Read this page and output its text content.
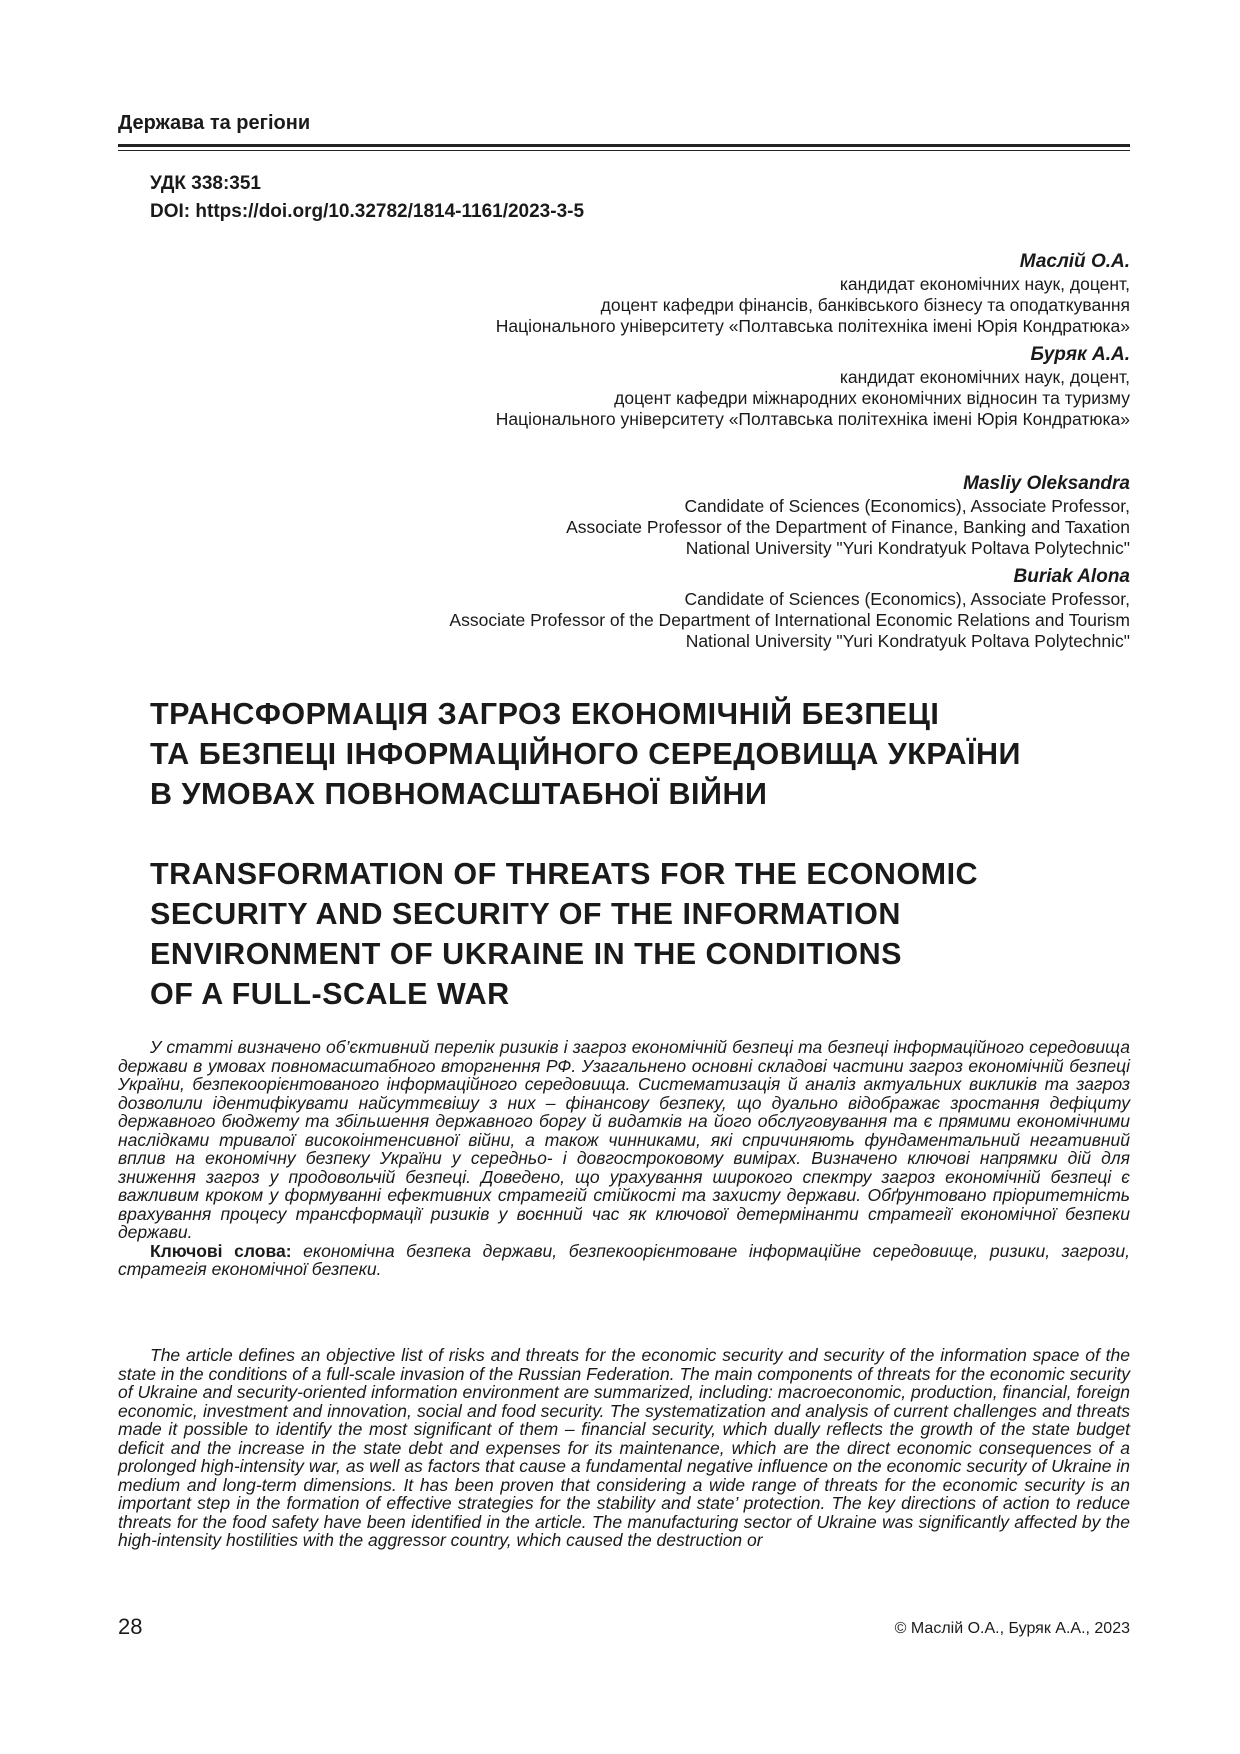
Держава та регіони
УДК 338:351
DOI: https://doi.org/10.32782/1814-1161/2023-3-5
Маслій О.А.
кандидат економічних наук, доцент,
доцент кафедри фінансів, банківського бізнесу та оподаткування
Національного університету «Полтавська політехніка імені Юрія Кондратюка»
Буряк А.А.
кандидат економічних наук, доцент,
доцент кафедри міжнародних економічних відносин та туризму
Національного університету «Полтавська політехніка імені Юрія Кондратюка»
Masliy Oleksandra
Candidate of Sciences (Economics), Associate Professor,
Associate Professor of the Department of Finance, Banking and Taxation
National University "Yuri Kondratyuk Poltava Polytechnic"
Buriak Alona
Candidate of Sciences (Economics), Associate Professor,
Associate Professor of the Department of International Economic Relations and Tourism
National University "Yuri Kondratyuk Poltava Polytechnic"
ТРАНСФОРМАЦІЯ ЗАГРОЗ ЕКОНОМІЧНІЙ БЕЗПЕЦІ
ТА БЕЗПЕЦІ ІНФОРМАЦІЙНОГО СЕРЕДОВИЩА УКРАЇНИ
В УМОВАХ ПОВНОМАСШТАБНОЇ ВІЙНИ
TRANSFORMATION OF THREATS FOR THE ECONOMIC
SECURITY AND SECURITY OF THE INFORMATION
ENVIRONMENT OF UKRAINE IN THE CONDITIONS
OF A FULL-SCALE WAR

У статті визначено об’єктивний перелік ризиків і загроз економічній безпеці та безпеці інформаційного середовища держави в умовах повномасштабного вторгнення РФ. Узагальнено основні складові частини загроз економічній безпеці України, безпекоорієнтованого інформаційного середовища. Систематизація й аналіз актуальних викликів та загроз дозволили ідентифікувати найсуттєвішу з них – фінансову безпеку, що дуально відображає зростання дефіциту державного бюджету та збільшення державного боргу й видатків на його обслуговування та є прямими економічними наслідками тривалої високоінтенсивної війни, а також чинниками, які спричиняють фундаментальний негативний вплив на економічну безпеку України у середньо- і довгостроковому вимірах. Визначено ключові напрямки дій для зниження загроз у продовольчій безпеці. Доведено, що урахування широкого спектру загроз економічній безпеці є важливим кроком у формуванні ефективних стратегій стійкості та захисту держави. Обґрунтовано пріоритетність врахування процесу трансформації ризиків у воєнний час як ключової детермінанти стратегії економічної безпеки держави.

Ключові слова: економічна безпека держави, безпекоорієнтоване інформаційне середовище, ризики, загрози, стратегія економічної безпеки.

The article defines an objective list of risks and threats for the economic security and security of the information space of the state in the conditions of a full-scale invasion of the Russian Federation. The main components of threats for the economic security of Ukraine and security-oriented information environment are summarized, including: macroeconomic, production, financial, foreign economic, investment and innovation, social and food security. The systematization and analysis of current challenges and threats made it possible to identify the most significant of them – financial security, which dually reflects the growth of the state budget deficit and the increase in the state debt and expenses for its maintenance, which are the direct economic consequences of a prolonged high-intensity war, as well as factors that cause a fundamental negative influence on the economic security of Ukraine in medium and long-term dimensions. It has been proven that considering a wide range of threats for the economic security is an important step in the formation of effective strategies for the stability and state’ protection. The key directions of action to reduce threats for the food safety have been identified in the article. The manufacturing sector of Ukraine was significantly affected by the high-intensity hostilities with the aggressor country, which caused the destruction or

28	© Маслій О.А., Буряк А.А., 2023
